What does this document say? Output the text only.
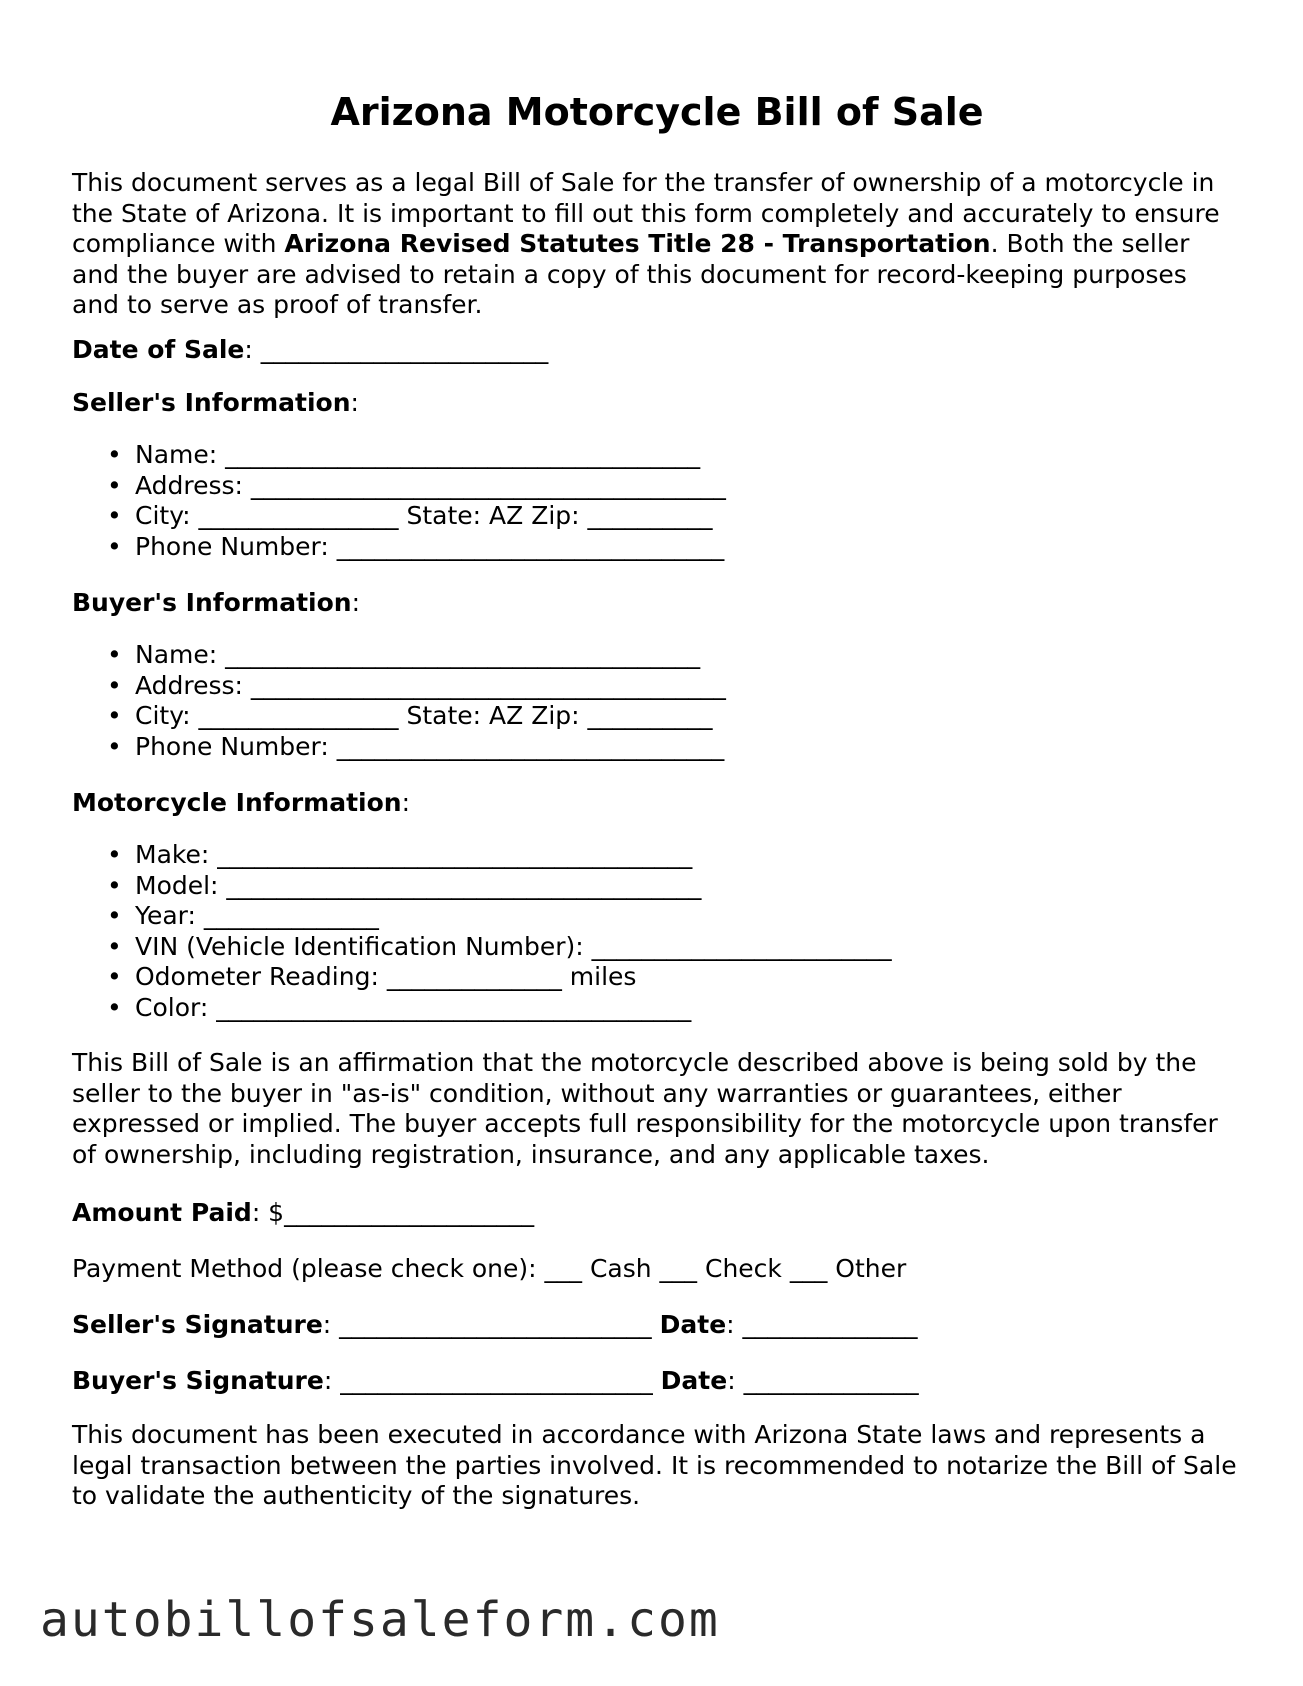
Arizona Motorcycle Bill of Sale

This document serves as a legal Bill of Sale for the transfer of ownership of a motorcycle in the State of Arizona. It is important to fill out this form completely and accurately to ensure compliance with Arizona Revised Statutes Title 28 - Transportation. Both the seller and the buyer are advised to retain a copy of this document for record-keeping purposes and to serve as proof of transfer.

Date of Sale: _______________________

Seller's Information:

• Name: ______________________________________
• Address: ______________________________________
• City: ________________ State: AZ Zip: __________
• Phone Number: _______________________________

Buyer's Information:

• Name: ______________________________________
• Address: ______________________________________
• City: ________________ State: AZ Zip: __________
• Phone Number: _______________________________

Motorcycle Information:

• Make: ______________________________________
• Model: ______________________________________
• Year: ______________
• VIN (Vehicle Identification Number): ________________________
• Odometer Reading: ______________ miles
• Color: ______________________________________

This Bill of Sale is an affirmation that the motorcycle described above is being sold by the seller to the buyer in "as-is" condition, without any warranties or guarantees, either expressed or implied. The buyer accepts full responsibility for the motorcycle upon transfer of ownership, including registration, insurance, and any applicable taxes.

Amount Paid: $____________________

Payment Method (please check one): ___ Cash ___ Check ___ Other

Seller's Signature: _________________________ Date: ______________

Buyer's Signature: _________________________ Date: ______________

This document has been executed in accordance with Arizona State laws and represents a legal transaction between the parties involved. It is recommended to notarize the Bill of Sale to validate the authenticity of the signatures.

autobillofsaleform.com
